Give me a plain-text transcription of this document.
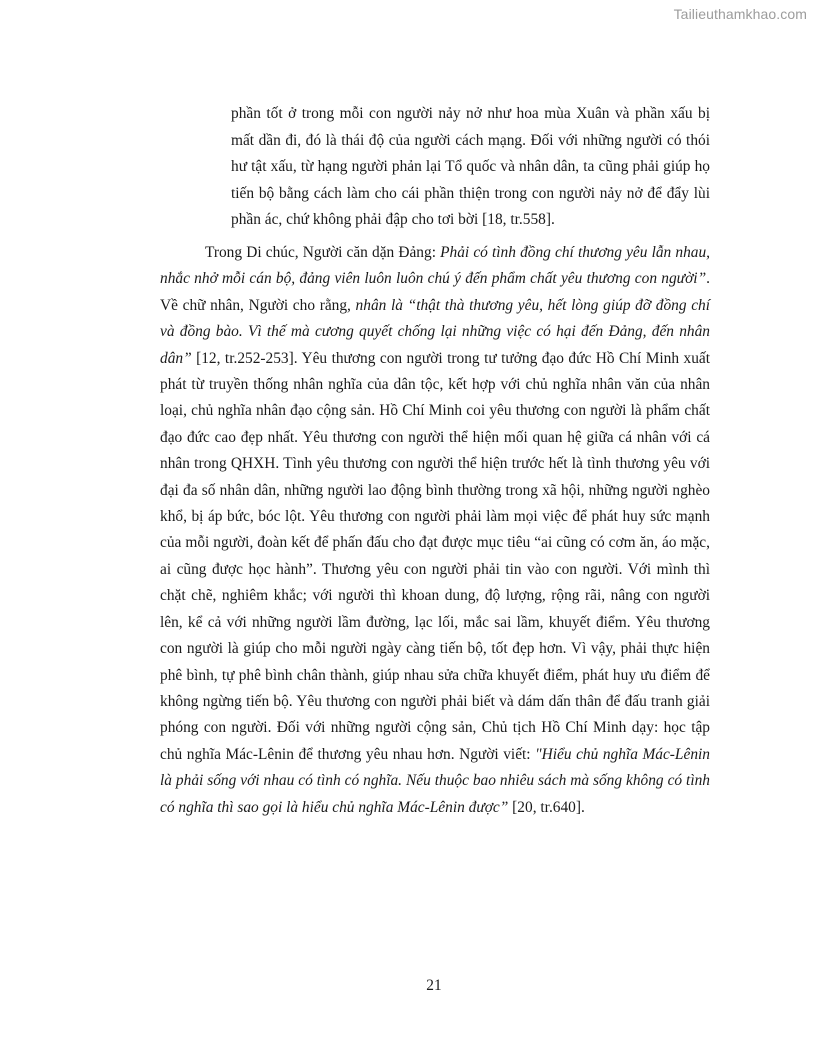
Tailieuthamkhao.com
phần tốt ở trong mỗi con người nảy nở như hoa mùa Xuân và phần xấu bị mất dần đi, đó là thái độ của người cách mạng. Đối với những người có thói hư tật xấu, từ hạng người phản lại Tổ quốc và nhân dân, ta cũng phải giúp họ tiến bộ bằng cách làm cho cái phần thiện trong con người nảy nở để đẩy lùi phần ác, chứ không phải đập cho tơi bời [18, tr.558].
Trong Di chúc, Người căn dặn Đảng: Phải có tình đồng chí thương yêu lẫn nhau, nhắc nhở mỗi cán bộ, đảng viên luôn luôn chú ý đến phẩm chất yêu thương con người”. Về chữ nhân, Người cho rằng, nhân là “thật thà thương yêu, hết lòng giúp đỡ đồng chí và đồng bào. Vì thế mà cương quyết chống lại những việc có hại đến Đảng, đến nhân dân” [12, tr.252-253]. Yêu thương con người trong tư tưởng đạo đức Hồ Chí Minh xuất phát từ truyền thống nhân nghĩa của dân tộc, kết hợp với chủ nghĩa nhân văn của nhân loại, chủ nghĩa nhân đạo cộng sản. Hồ Chí Minh coi yêu thương con người là phẩm chất đạo đức cao đẹp nhất. Yêu thương con người thể hiện mối quan hệ giữa cá nhân với cá nhân trong QHXH. Tình yêu thương con người thể hiện trước hết là tình thương yêu với đại đa số nhân dân, những người lao động bình thường trong xã hội, những người nghèo khổ, bị áp bức, bóc lột. Yêu thương con người phải làm mọi việc để phát huy sức mạnh của mỗi người, đoàn kết để phấn đấu cho đạt được mục tiêu “ai cũng có cơm ăn, áo mặc, ai cũng được học hành”. Thương yêu con người phải tin vào con người. Với mình thì chặt chẽ, nghiêm khắc; với người thì khoan dung, độ lượng, rộng rãi, nâng con người lên, kể cả với những người lầm đường, lạc lối, mắc sai lầm, khuyết điểm. Yêu thương con người là giúp cho mỗi người ngày càng tiến bộ, tốt đẹp hơn. Vì vậy, phải thực hiện phê bình, tự phê bình chân thành, giúp nhau sửa chữa khuyết điểm, phát huy ưu điểm để không ngừng tiến bộ. Yêu thương con người phải biết và dám dấn thân để đấu tranh giải phóng con người. Đối với những người cộng sản, Chủ tịch Hồ Chí Minh dạy: học tập chủ nghĩa Mác-Lênin để thương yêu nhau hơn. Người viết: "Hiểu chủ nghĩa Mác-Lênin là phải sống với nhau có tình có nghĩa. Nếu thuộc bao nhiêu sách mà sống không có tình có nghĩa thì sao gọi là hiểu chủ nghĩa Mác-Lênin được” [20, tr.640].
21
